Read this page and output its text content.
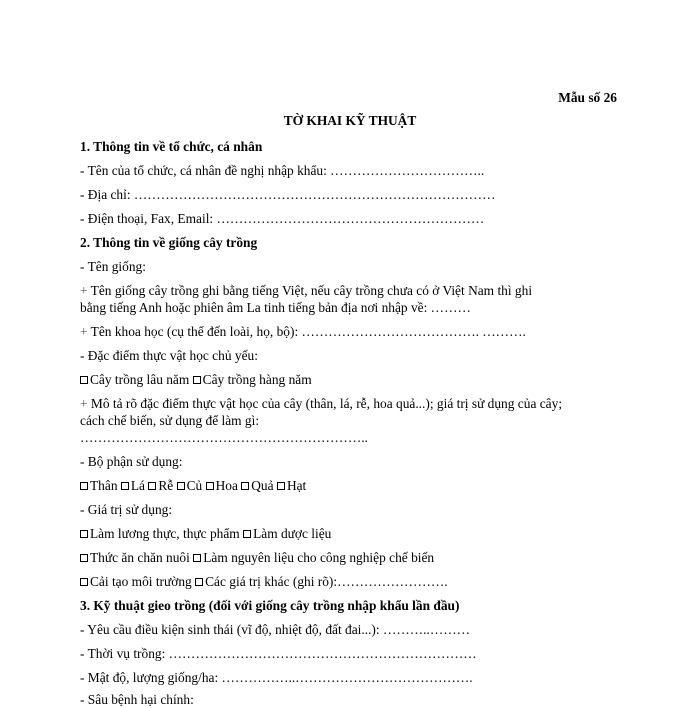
Mẫu số 26
TỜ KHAI KỸ THUẬT
1. Thông tin về tổ chức, cá nhân
- Tên của tổ chức, cá nhân đề nghị nhập khẩu: ……………………………..
- Địa chỉ: ………………………………………………………………………
- Điện thoại, Fax, Email: ……………………………………………………
2. Thông tin về giống cây trồng
- Tên giống:
+ Tên giống cây trồng ghi bằng tiếng Việt, nếu cây trồng chưa có ở Việt Nam thì ghi
bằng tiếng Anh hoặc phiên âm La tinh tiếng bản địa nơi nhập về: ………
+ Tên khoa học (cụ thể đến loài, họ, bộ): …………………………………. ……….
- Đặc điểm thực vật học chủ yếu:
Cây trồng lâu năm Cây trồng hàng năm
+ Mô tả rõ đặc điểm thực vật học của cây (thân, lá, rễ, hoa quả...); giá trị sử dụng của cây;
cách chế biến, sử dụng để làm gì:
………………………………………………………..
- Bộ phận sử dụng:
Thân Lá Rễ Củ Hoa Quả Hạt
- Giá trị sử dụng:
Làm lương thực, thực phẩm Làm dược liệu
Thức ăn chăn nuôi Làm nguyên liệu cho công nghiệp chế biến
Cải tạo môi trường Các giá trị khác (ghi rõ):…………………….
3. Kỹ thuật gieo trồng (đối với giống cây trồng nhập khẩu lần đầu)
- Yêu cầu điều kiện sinh thái (vĩ độ, nhiệt độ, đất đai...): ………..………
- Thời vụ trồng: ……………………………………………………………
- Mật độ, lượng giống/ha: ……………..………………………………….
- Sâu bệnh hại chính:
